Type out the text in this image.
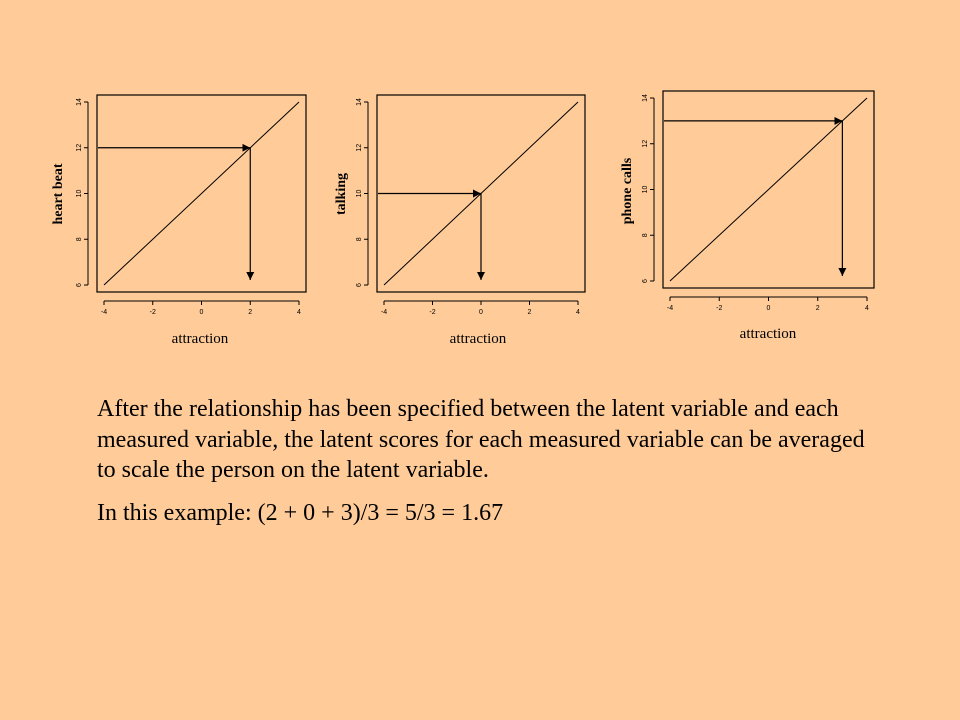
-4	-2	0	2	4
6
8
10
12
14
heart beat
attraction
-4	-2	0	2	4
6
8
10
12
14
talking
attraction
-4	-2	0	2	4
6
8
10
12
14
phone calls
attraction

After the relationship has been specified between the latent variable and each measured variable, the latent scores for each measured variable can be averaged to scale the person on the latent variable.

In this example: (2 + 0 + 3)/3 = 5/3 = 1.67
